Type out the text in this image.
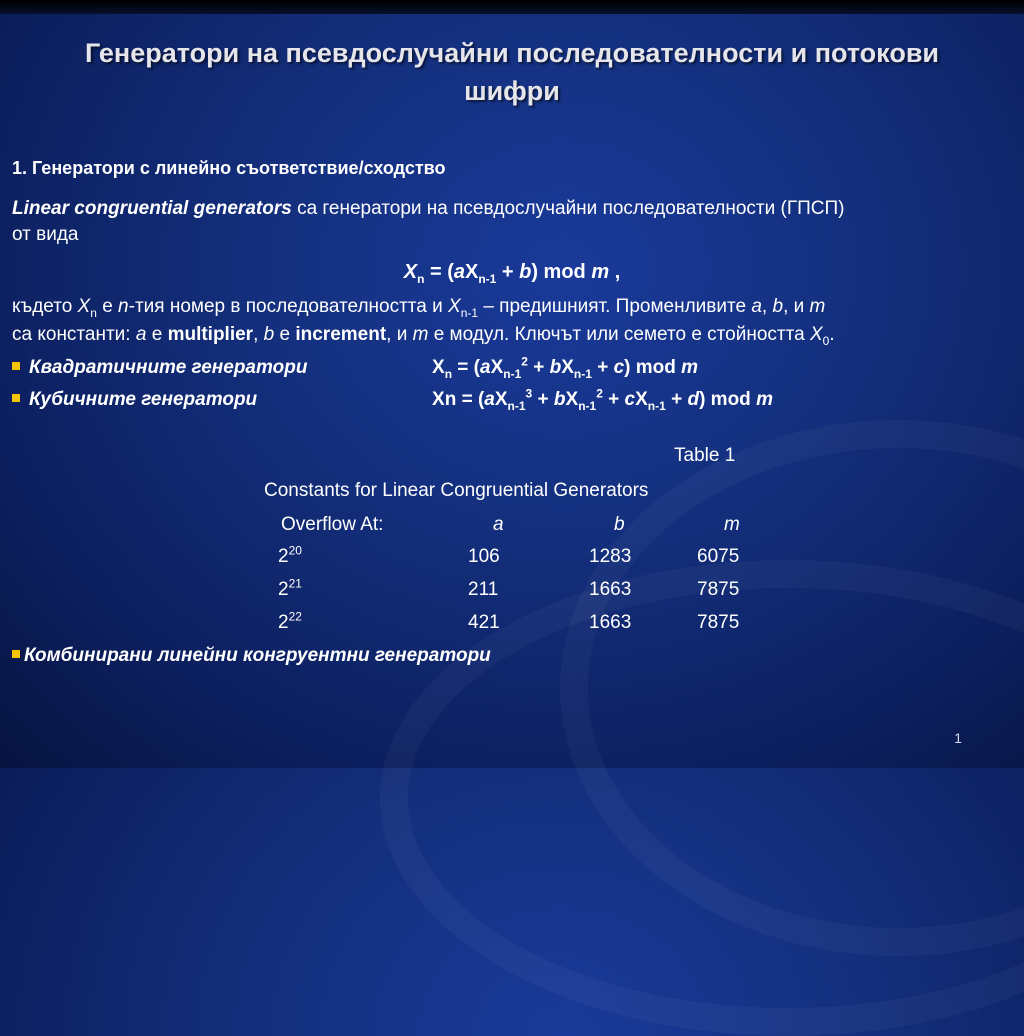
Генератори на псевдослучайни последователности и потокови шифри
1. Генератори с линейно съответствие/сходство
Linear congruential generators са генератори на псевдослучайни последователности (ГПСП)
от вида
$X_n = (aX_{n-1} + b)$ mod m ,
където $X_n$ е n-тия номер в последователността и $X_{n-1}$ – предишният. Променливите a, b, и m
са константи: a е multiplier, b е increment, и m е модул. Ключът или семето е стойността $X_0$.
Квадратичните генератори	$X_n = (aX_{n-1}^2 + bX_{n-1} + c)$ mod m
Кубичните генератори	$Xn = (aX_{n-1}^3 + bX_{n-1}^2 + cX_{n-1} + d)$ mod m
Table 1
Constants for Linear Congruential Generators
Overflow At:	a	b	m
$2^{20}$	106	1283	6075
$2^{21}$	211	1663	7875
$2^{22}$	421	1663	7875
Комбинирани линейни конгруентни генератори
1
